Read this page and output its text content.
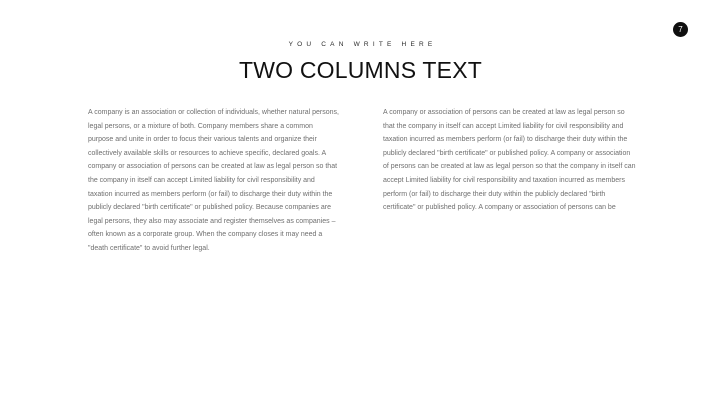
7
YOU CAN WRITE HERE
TWO COLUMNS TEXT

A company is an association or collection of individuals, whether natural persons, legal persons, or a mixture of both. Company members share a common purpose and unite in order to focus their various talents and organize their collectively available skills or resources to achieve specific, declared goals. A company or association of persons can be created at law as legal person so that the company in itself can accept Limited liability for civil responsibility and taxation incurred as members perform (or fail) to discharge their duty within the publicly declared "birth certificate" or published policy. Because companies are legal persons, they also may associate and register themselves as companies – often known as a corporate group. When the company closes it may need a "death certificate" to avoid further legal.

A company or association of persons can be created at law as legal person so that the company in itself can accept Limited liability for civil responsibility and taxation incurred as members perform (or fail) to discharge their duty within the publicly declared "birth certificate" or published policy. A company or association of persons can be created at law as legal person so that the company in itself can accept Limited liability for civil responsibility and taxation incurred as members perform (or fail) to discharge their duty within the publicly declared "birth certificate" or published policy. A company or association of persons can be
